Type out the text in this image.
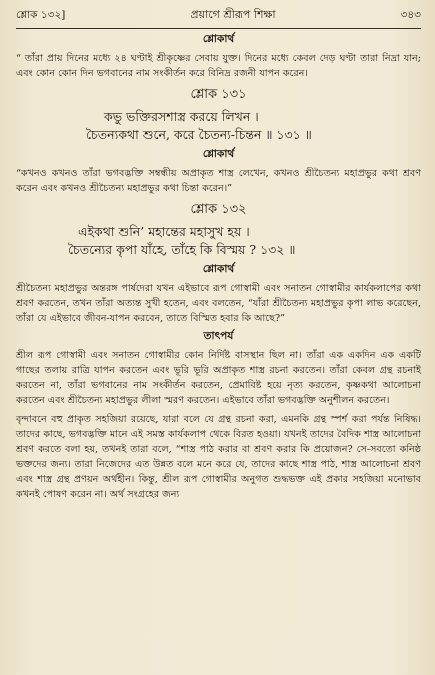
শ্লোক ১৩২]	প্রয়াগে শ্রীরূপ শিক্ষা	৩৪৩
শ্লোকার্থ

“ তাঁরা প্রায় দিনের মধ্যে ২৪ ঘণ্টাই শ্রীকৃষ্ণের সেবায় যুক্ত। দিনের মধ্যে কেবল দেড় ঘণ্টা তারা নিদ্রা যান; এবং কোন কোন দিন ভগবানের নাম সংকীর্তন করে বিনিদ্র রজনী যাপন করেন।

শ্লোক ১৩১
কভু ভক্তিরসশাস্ত্র করয়ে লিখন ।
চৈতন্যকথা শুনে, করে চৈতন্য-চিন্তন ॥ ১৩১ ॥
শ্লোকার্থ

“কখনও কখনও তাঁরা ভগবদ্ভক্তি সম্বন্ধীয় অপ্রাকৃত শাস্ত্র লেখেন, কখনও শ্রীচৈতন্য মহাপ্রভুর কথা শ্রবণ করেন এবং কখনও শ্রীচৈতন্য মহাপ্রভুর কথা চিন্তা করেন।”

শ্লোক ১৩২
এইকথা শুনি’ মহান্তের মহাসুখ হয় ।
চৈতন্যের কৃপা যাঁহে, তাঁহে কি বিস্ময় ? ১৩২ ॥
শ্লোকার্থ

শ্রীচৈতন্য মহাপ্রভুর অন্তরঙ্গ পার্ষদেরা যখন এইভাবে রূপ গোস্বামী এবং সনাতন গোস্বামীর কার্যকলাপের কথা শ্রবণ করতেন, তখন তাঁরা অত্যন্ত সুখী হতেন, এবং বলতেন, “যাঁরা শ্রীচৈতন্য মহাপ্রভুর কৃপা লাভ করেছেন, তাঁরা যে এইভাবে জীবন-যাপন করবেন, তাতে বিস্মিত হবার কি আছে?”

তাৎপর্য

শ্রীল রূপ গোস্বামী এবং সনাতন গোস্বামীর কোন নির্দিষ্ট বাসস্থান ছিল না। তাঁরা এক একদিন এক একটি গাছের তলায় রাত্রি যাপন করতেন এবং ভূরি ভূরি অপ্রাকৃত শাস্ত্র রচনা করতেন। তাঁরা কেবল গ্রন্থ রচনাই করতেন না, তাঁরা ভগবানের নাম সংকীর্তন করতেন, প্রেমাবিষ্ট হয়ে নৃত্য করতেন, কৃষ্ণকথা আলোচনা করতেন এবং শ্রীচৈতন্য মহাপ্রভুর লীলা স্মরণ করতেন। এইভাবে তাঁরা ভগবদ্ভক্তি অনুশীলন করতেন।

বৃন্দাবনে বহু প্রাকৃত সহজিয়া রয়েছে, যারা বলে যে গ্রন্থ রচনা করা, এমনকি গ্রন্থ স্পর্শ করা পর্যন্ত নিষিদ্ধ। তাদের কাছে, ভগবদ্ভক্তি মানে এই সমস্ত কার্যকলাপ থেকে বিরত হওয়া। যখনই তাদের বৈদিক শাস্ত্র আলোচনা শ্রবণ করতে বলা হয়, তখনই তারা বলে, “শাস্ত্র পাঠ করার বা শ্রবণ করার কি প্রয়োজন? সে-সবতো কনিষ্ঠ ভক্তদের জন্য। তারা নিজেদের এত উন্নত বলে মনে করে যে, তাদের কাছে শাস্ত্র পাঠ, শাস্ত্র আলোচনা শ্রবণ এবং শাস্ত্র গ্রন্থ প্রণয়ন অর্থহীন। কিন্তু, শ্রীল রূপ গোস্বামীর অনুগত শুদ্ধভক্ত এই প্রকার সহজিয়া মনোভাব কখনই পোষণ করেন না। অর্থ সংগ্রহের জন্য
